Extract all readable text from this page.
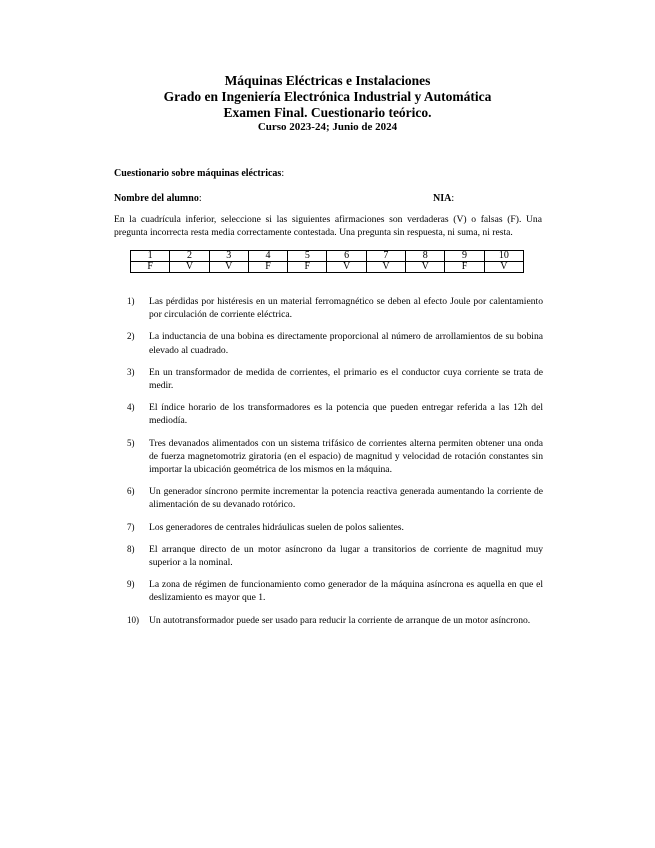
Máquinas Eléctricas e Instalaciones
Grado en Ingeniería Electrónica Industrial y Automática
Examen Final. Cuestionario teórico.
Curso 2023-24; Junio de 2024
Cuestionario sobre máquinas eléctricas:
Nombre del alumno:	NIA:
En la cuadrícula inferior, seleccione si las siguientes afirmaciones son verdaderas (V) o falsas (F). Una pregunta incorrecta resta media correctamente contestada. Una pregunta sin respuesta, ni suma, ni resta.
1	2	3	4	5	6	7	8	9	10
F	V	V	F	F	V	V	V	F	V
1)	Las pérdidas por histéresis en un material ferromagnético se deben al efecto Joule por calentamiento por circulación de corriente eléctrica.
2)	La inductancia de una bobina es directamente proporcional al número de arrollamientos de su bobina elevado al cuadrado.
3)	En un transformador de medida de corrientes, el primario es el conductor cuya corriente se trata de medir.
4)	El índice horario de los transformadores es la potencia que pueden entregar referida a las 12h del mediodía.
5)	Tres devanados alimentados con un sistema trifásico de corrientes alterna permiten obtener una onda de fuerza magnetomotriz giratoria (en el espacio) de magnitud y velocidad de rotación constantes sin importar la ubicación geométrica de los mismos en la máquina.
6)	Un generador síncrono permite incrementar la potencia reactiva generada aumentando la corriente de alimentación de su devanado rotórico.
7)	Los generadores de centrales hidráulicas suelen de polos salientes.
8)	El arranque directo de un motor asíncrono da lugar a transitorios de corriente de magnitud muy superior a la nominal.
9)	La zona de régimen de funcionamiento como generador de la máquina asíncrona es aquella en que el deslizamiento es mayor que 1.
10)	Un autotransformador puede ser usado para reducir la corriente de arranque de un motor asíncrono.
